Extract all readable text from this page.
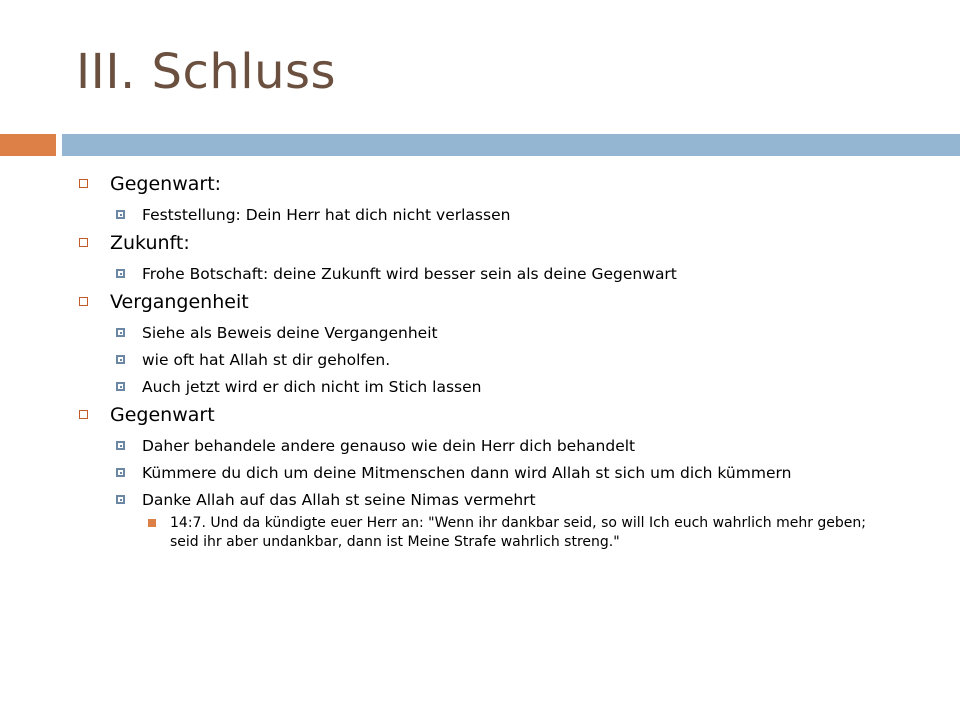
III. Schluss
Gegenwart:
Feststellung: Dein Herr hat dich nicht verlassen
Zukunft:
Frohe Botschaft: deine Zukunft wird besser sein als deine Gegenwart
Vergangenheit
Siehe als Beweis deine Vergangenheit
wie oft hat Allah st dir geholfen.
Auch jetzt wird er dich nicht im Stich lassen
Gegenwart
Daher behandele andere genauso wie dein Herr dich behandelt
Kümmere du dich um deine Mitmenschen dann wird Allah st sich um dich kümmern
Danke Allah auf das Allah st seine Nimas vermehrt
14:7. Und da kündigte euer Herr an: "Wenn ihr dankbar seid, so will Ich euch wahrlich mehr geben; seid ihr aber undankbar, dann ist Meine Strafe wahrlich streng."
